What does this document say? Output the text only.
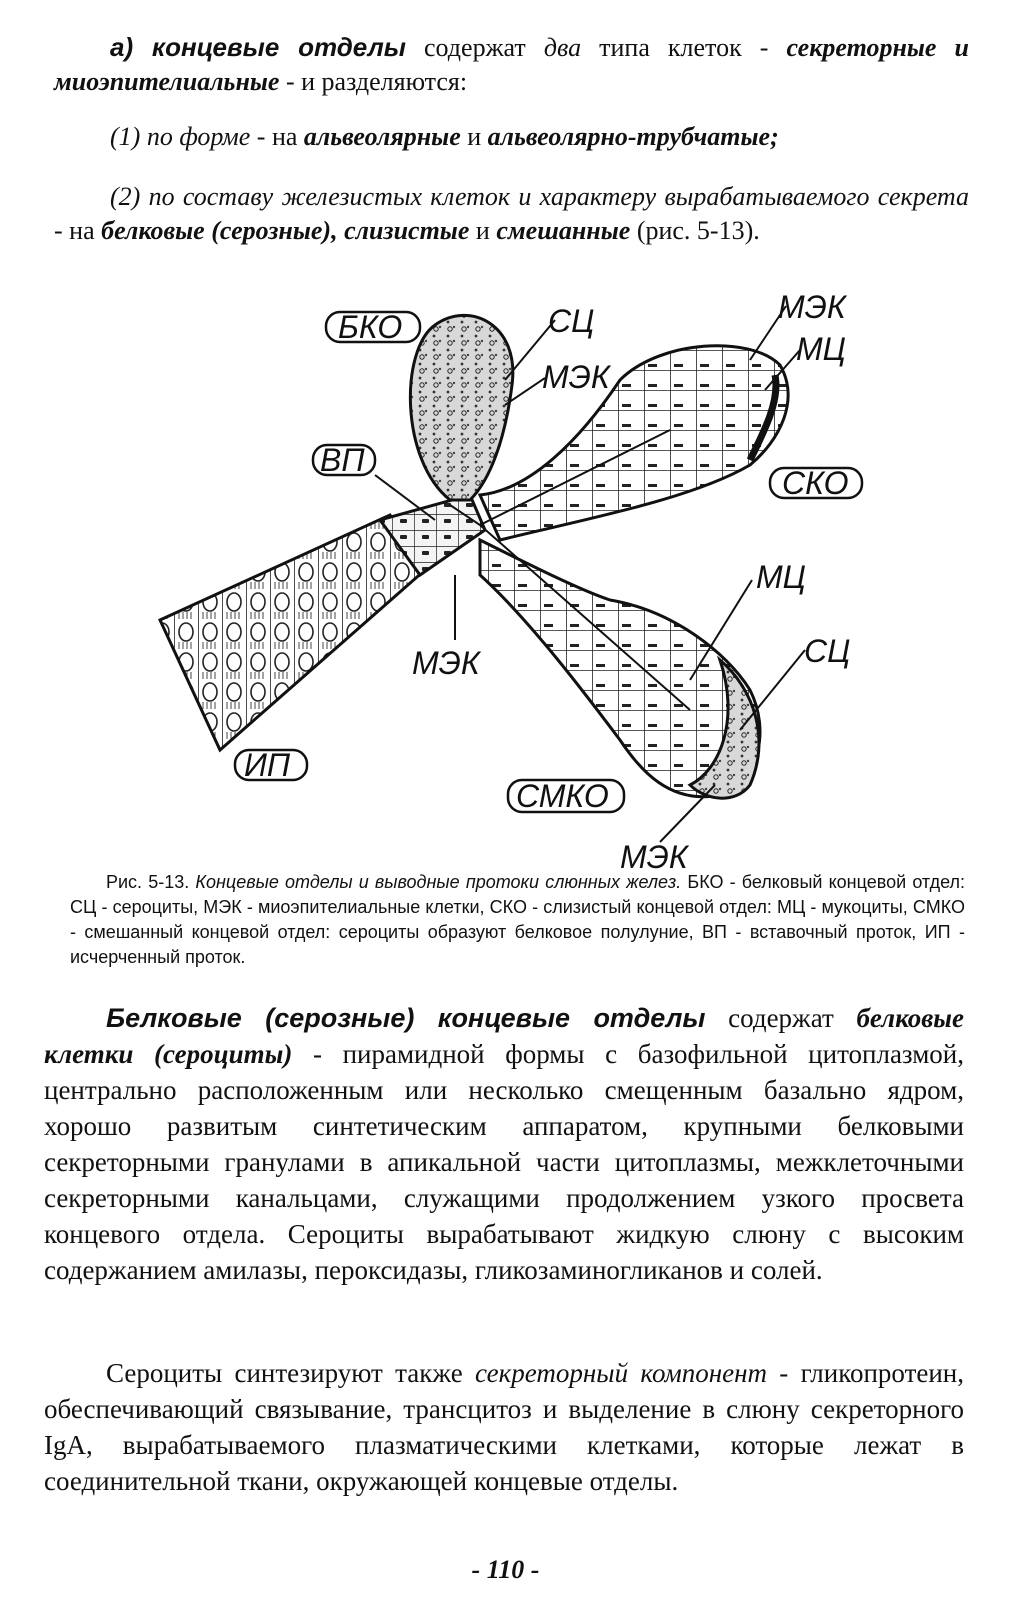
а) концевые отделы содержат два типа клеток - секреторные и миоэпителиальные - и разделяются:

(1) по форме - на альвеолярные и альвеолярно-трубчатые;

(2) по составу железистых клеток и характеру вырабатываемого секрета - на белковые (серозные), слизистые и смешанные (рис. 5-13).

БКО
ВП
СКО
ИП
СМКО
СЦ
МЭК
МЭК
МЦ
МЦ
МЭК	СЦ
МЭК

Рис. 5-13. Концевые отделы и выводные протоки слюнных желез. БКО - белковый концевой отдел: СЦ - сероциты, МЭК - миоэпителиальные клетки, СКО - слизистый концевой отдел: МЦ - мукоциты, СМКО - смешанный концевой отдел: сероциты образуют белковое полулуние, ВП - вставочный проток, ИП - исчерченный проток.

Белковые (серозные) концевые отделы содержат белковые клетки (сероциты) - пирамидной формы с базофильной цитоплазмой, центрально расположенным или несколько смещенным базально ядром, хорошо развитым синтетическим аппаратом, крупными белковыми секреторными гранулами в апикальной части цитоплазмы, межклеточными секреторными канальцами, служащими продолжением узкого просвета концевого отдела. Сероциты вырабатывают жидкую слюну с высоким содержанием амилазы, пероксидазы, гликозаминогликанов и солей.

Сероциты синтезируют также секреторный компонент - гликопротеин, обеспечивающий связывание, трансцитоз и выделение в слюну секреторного IgA, вырабатываемого плазматическими клетками, которые лежат в соединительной ткани, окружающей концевые отделы.

- 110 -
